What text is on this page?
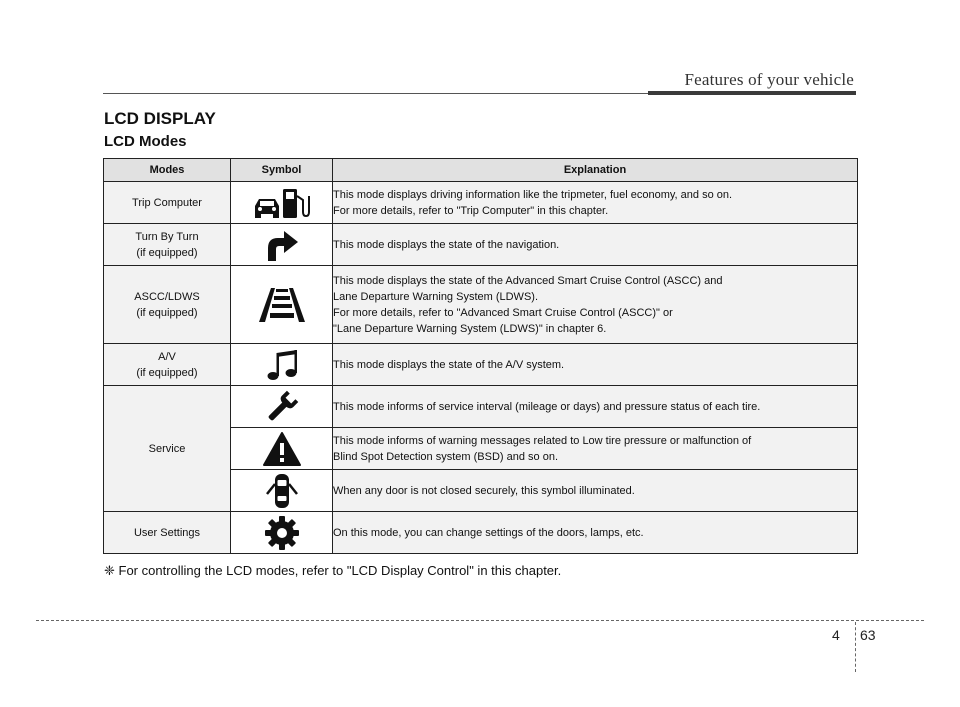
Features of your vehicle
LCD DISPLAY
LCD Modes
Modes	Symbol	Explanation

Trip Computer		This mode displays driving information like the tripmeter, fuel economy, and so on.
For more details, refer to "Trip Computer" in this chapter.

Turn By Turn
(if equipped)		This mode displays the state of the navigation.

ASCC/LDWS
(if equipped)		This mode displays the state of the Advanced Smart Cruise Control (ASCC) and
Lane Departure Warning System (LDWS).
For more details, refer to "Advanced Smart Cruise Control (ASCC)" or
"Lane Departure Warning System (LDWS)" in chapter 6.

A/V
(if equipped)		This mode displays the state of the A/V system.

Service		This mode informs of service interval (mileage or days) and pressure status of each tire.

This mode informs of warning messages related to Low tire pressure or malfunction of
Blind Spot Detection system (BSD) and so on.

When any door is not closed securely, this symbol illuminated.

User Settings		On this mode, you can change settings of the doors, lamps, etc.
❈ For controlling the LCD modes, refer to "LCD Display Control" in this chapter.
4 63
